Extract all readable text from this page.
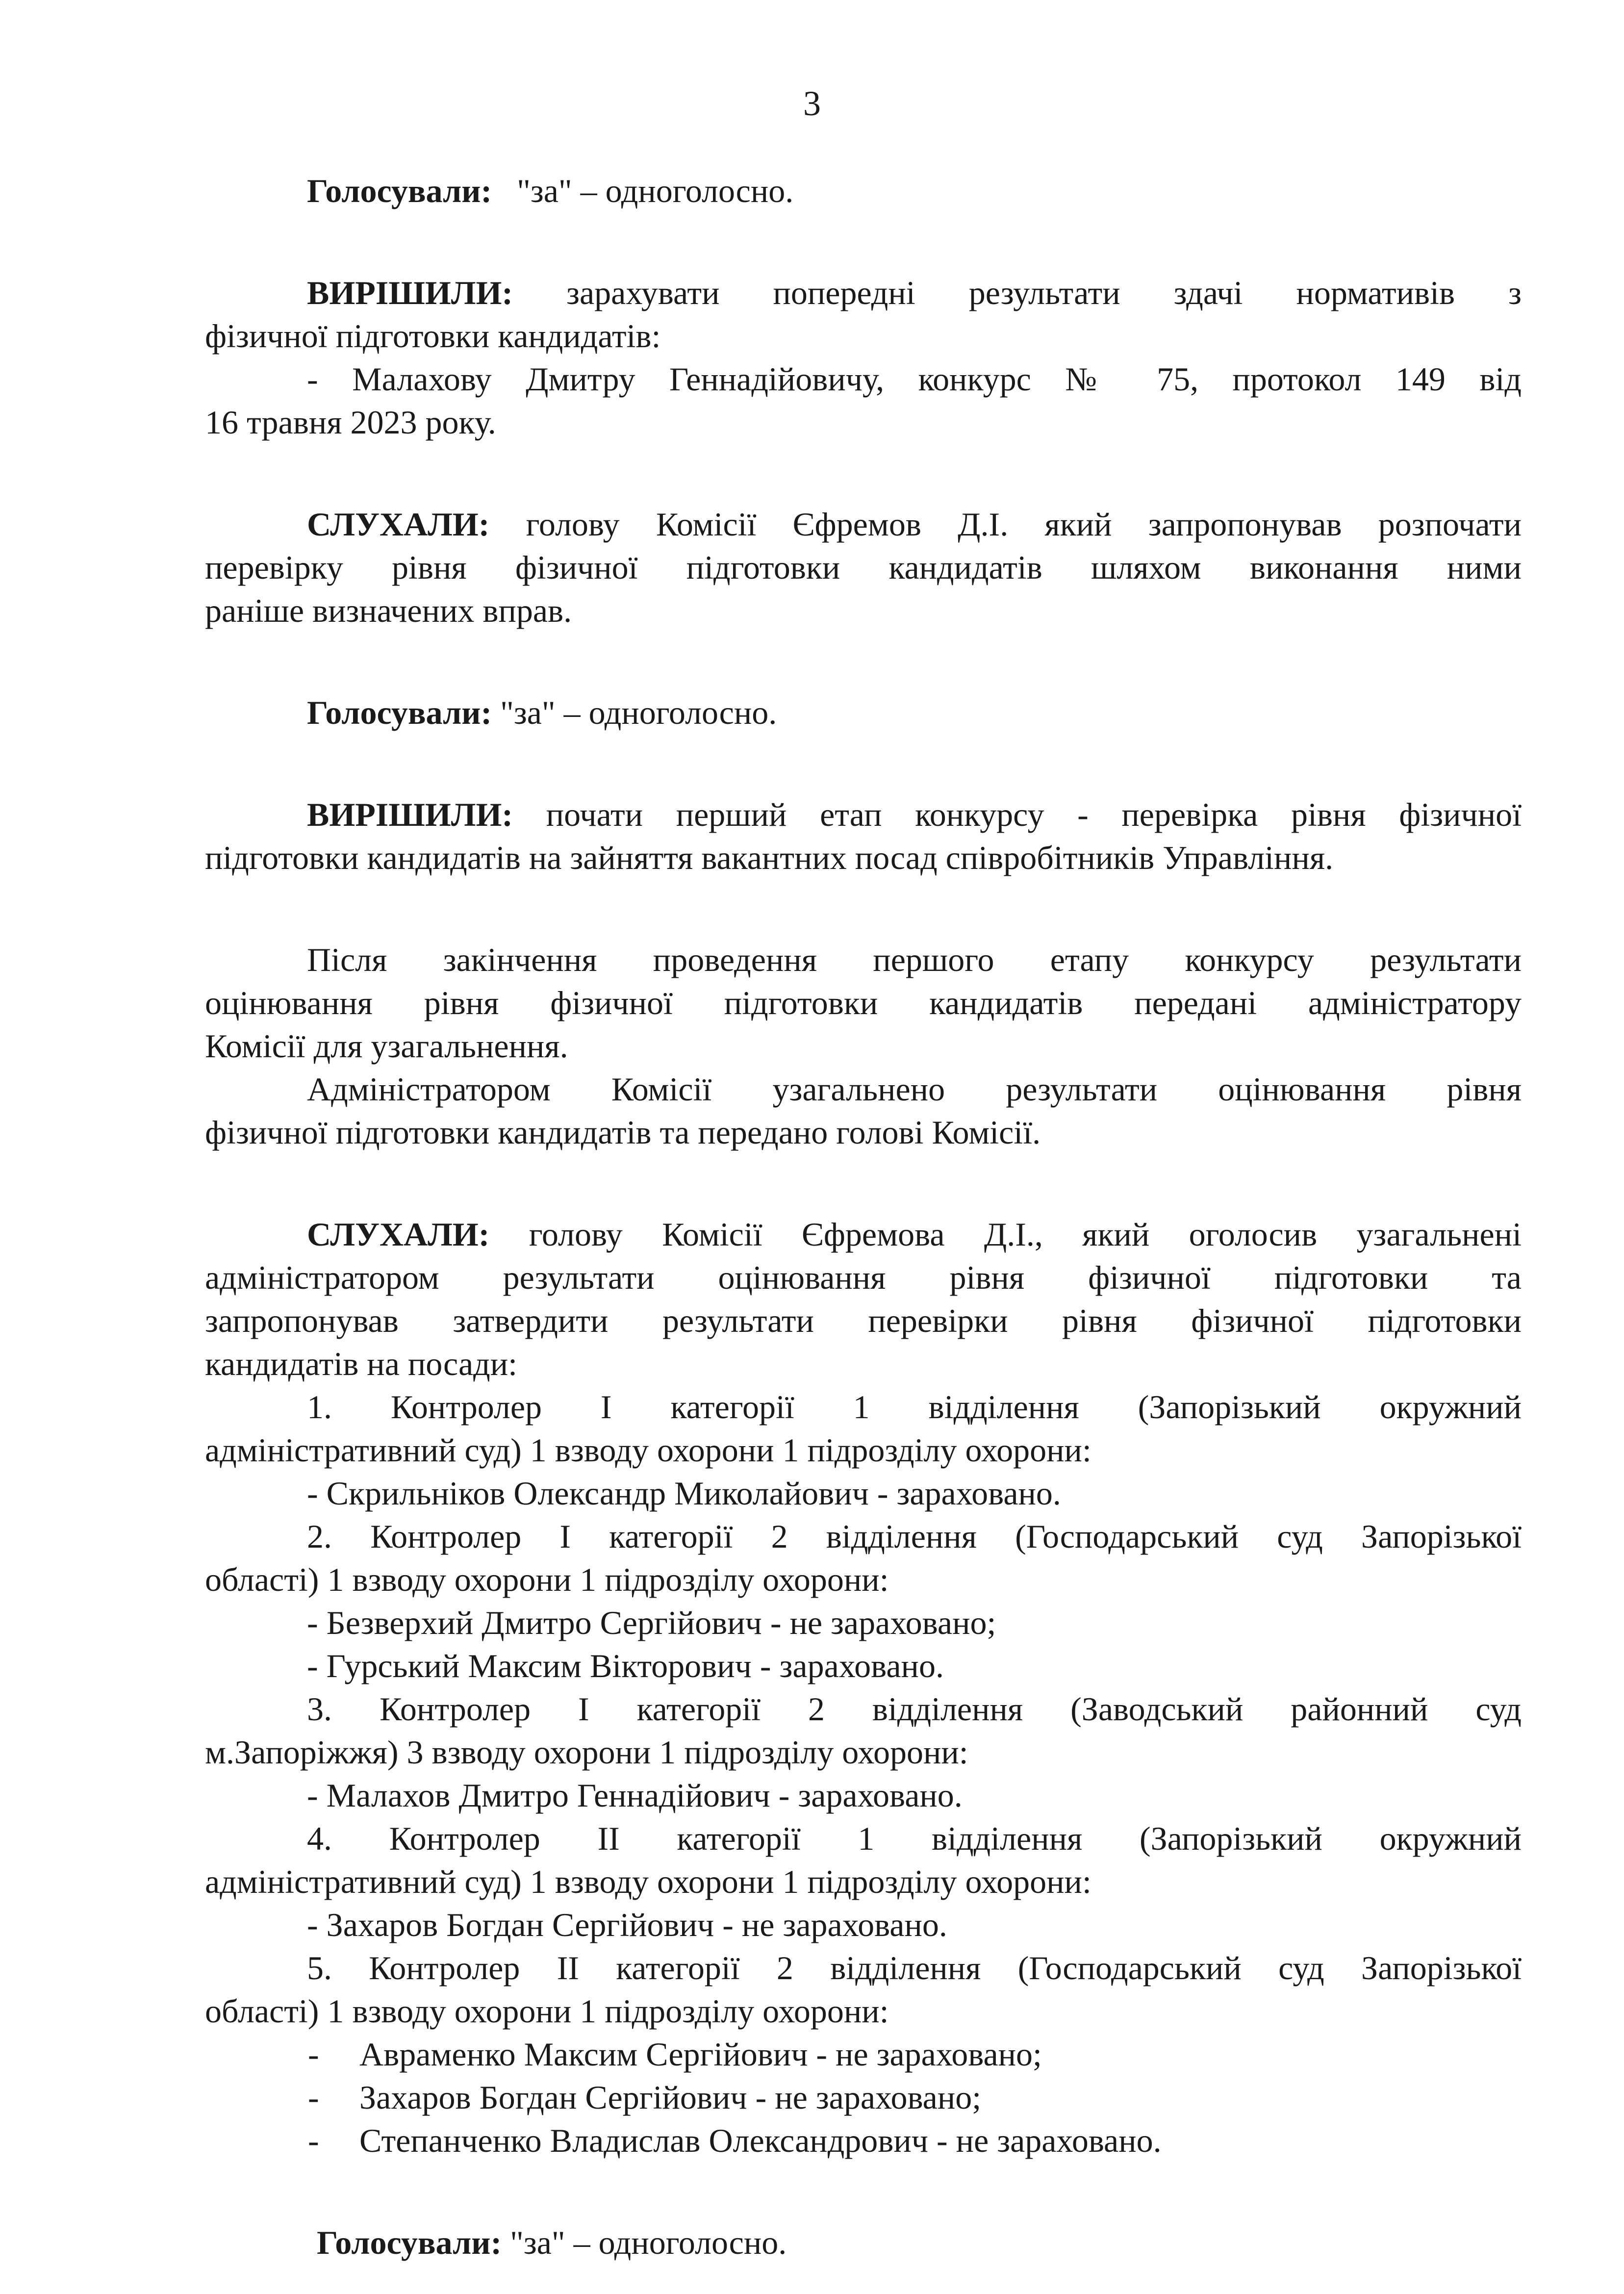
3
Голосували: "за" – одноголосно.
ВИРІШИЛИ: зарахувати попередні результати здачі нормативів з
фізичної підготовки кандидатів:
- Малахову Дмитру Геннадійовичу, конкурс № 75, протокол 149 від
16 травня 2023 року.
СЛУХАЛИ: голову Комісії Єфремов Д.І. який запропонував розпочати
перевірку рівня фізичної підготовки кандидатів шляхом виконання ними
раніше визначених вправ.
Голосували: "за" – одноголосно.
ВИРІШИЛИ: почати перший етап конкурсу - перевірка рівня фізичної
підготовки кандидатів на зайняття вакантних посад співробітників Управління.
Після закінчення проведення першого етапу конкурсу результати
оцінювання рівня фізичної підготовки кандидатів передані адміністратору
Комісії для узагальнення.
Адміністратором Комісії узагальнено результати оцінювання рівня
фізичної підготовки кандидатів та передано голові Комісії.
СЛУХАЛИ: голову Комісії Єфремова Д.І., який оголосив узагальнені
адміністратором результати оцінювання рівня фізичної підготовки та
запропонував затвердити результати перевірки рівня фізичної підготовки
кандидатів на посади:
1. Контролер І категорії 1 відділення (Запорізький окружний
адміністративний суд) 1 взводу охорони 1 підрозділу охорони:
- Скрильніков Олександр Миколайович - зараховано.
2. Контролер І категорії 2 відділення (Господарський суд Запорізької
області) 1 взводу охорони 1 підрозділу охорони:
- Безверхий Дмитро Сергійович - не зараховано;
- Гурський Максим Вікторович - зараховано.
3. Контролер І категорії 2 відділення (Заводський районний суд
м.Запоріжжя) 3 взводу охорони 1 підрозділу охорони:
- Малахов Дмитро Геннадійович - зараховано.
4. Контролер ІІ категорії 1 відділення (Запорізький окружний
адміністративний суд) 1 взводу охорони 1 підрозділу охорони:
- Захаров Богдан Сергійович - не зараховано.
5. Контролер ІІ категорії 2 відділення (Господарський суд Запорізької
області) 1 взводу охорони 1 підрозділу охорони:
-	Авраменко Максим Сергійович - не зараховано;
-	Захаров Богдан Сергійович - не зараховано;
-	Степанченко Владислав Олександрович - не зараховано.
Голосували: "за" – одноголосно.
